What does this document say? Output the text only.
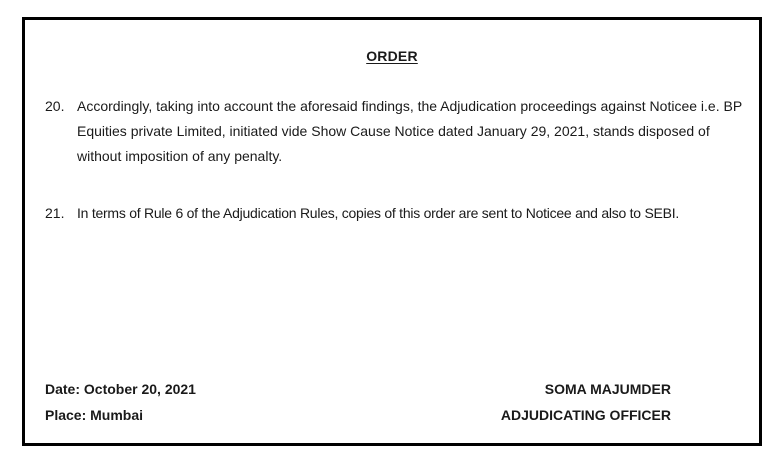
ORDER
20. Accordingly, taking into account the aforesaid findings, the Adjudication proceedings against Noticee i.e. BP Equities private Limited, initiated vide Show Cause Notice dated January 29, 2021, stands disposed of without imposition of any penalty.
21. In terms of Rule 6 of the Adjudication Rules, copies of this order are sent to Noticee and also to SEBI.
Date: October 20, 2021
Place: Mumbai
SOMA MAJUMDER
ADJUDICATING OFFICER
